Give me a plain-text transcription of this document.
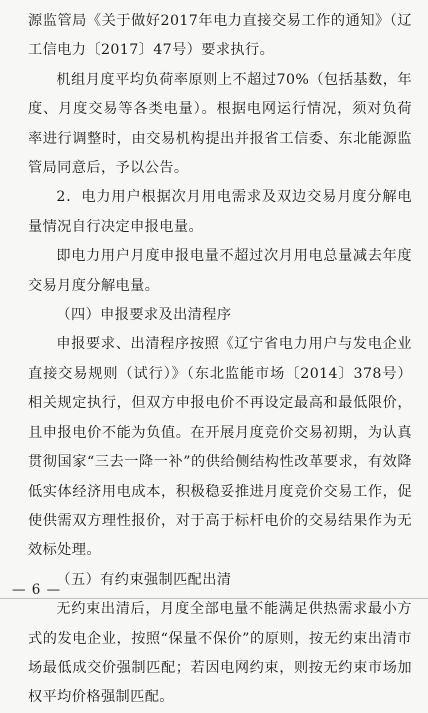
源监管局《关于做好2017年电力直接交易工作的通知》（辽工信电力〔2017〕47号）要求执行。

机组月度平均负荷率原则上不超过70%（包括基数，年度、月度交易等各类电量）。根据电网运行情况，须对负荷率进行调整时，由交易机构提出并报省工信委、东北能源监管局同意后，予以公告。

2．电力用户根据次月用电需求及双边交易月度分解电量情况自行决定申报电量。

即电力用户月度申报电量不超过次月用电总量减去年度交易月度分解电量。

（四）申报要求及出清程序

申报要求、出清程序按照《辽宁省电力用户与发电企业直接交易规则（试行）》（东北监能市场〔2014〕378号）相关规定执行，但双方申报电价不再设定最高和最低限价，且申报电价不能为负值。在开展月度竞价交易初期，为认真贯彻国家“三去一降一补”的供给侧结构性改革要求，有效降低实体经济用电成本，积极稳妥推进月度竞价交易工作，促使供需双方理性报价，对于高于标杆电价的交易结果作为无效标处理。

（五）有约束强制匹配出清

无约束出清后，月度全部电量不能满足供热需求最小方式的发电企业，按照“保量不保价”的原则，按无约束出清市场最低成交价强制匹配；若因电网约束，则按无约束市场加权平均价格强制匹配。

— 6 —
